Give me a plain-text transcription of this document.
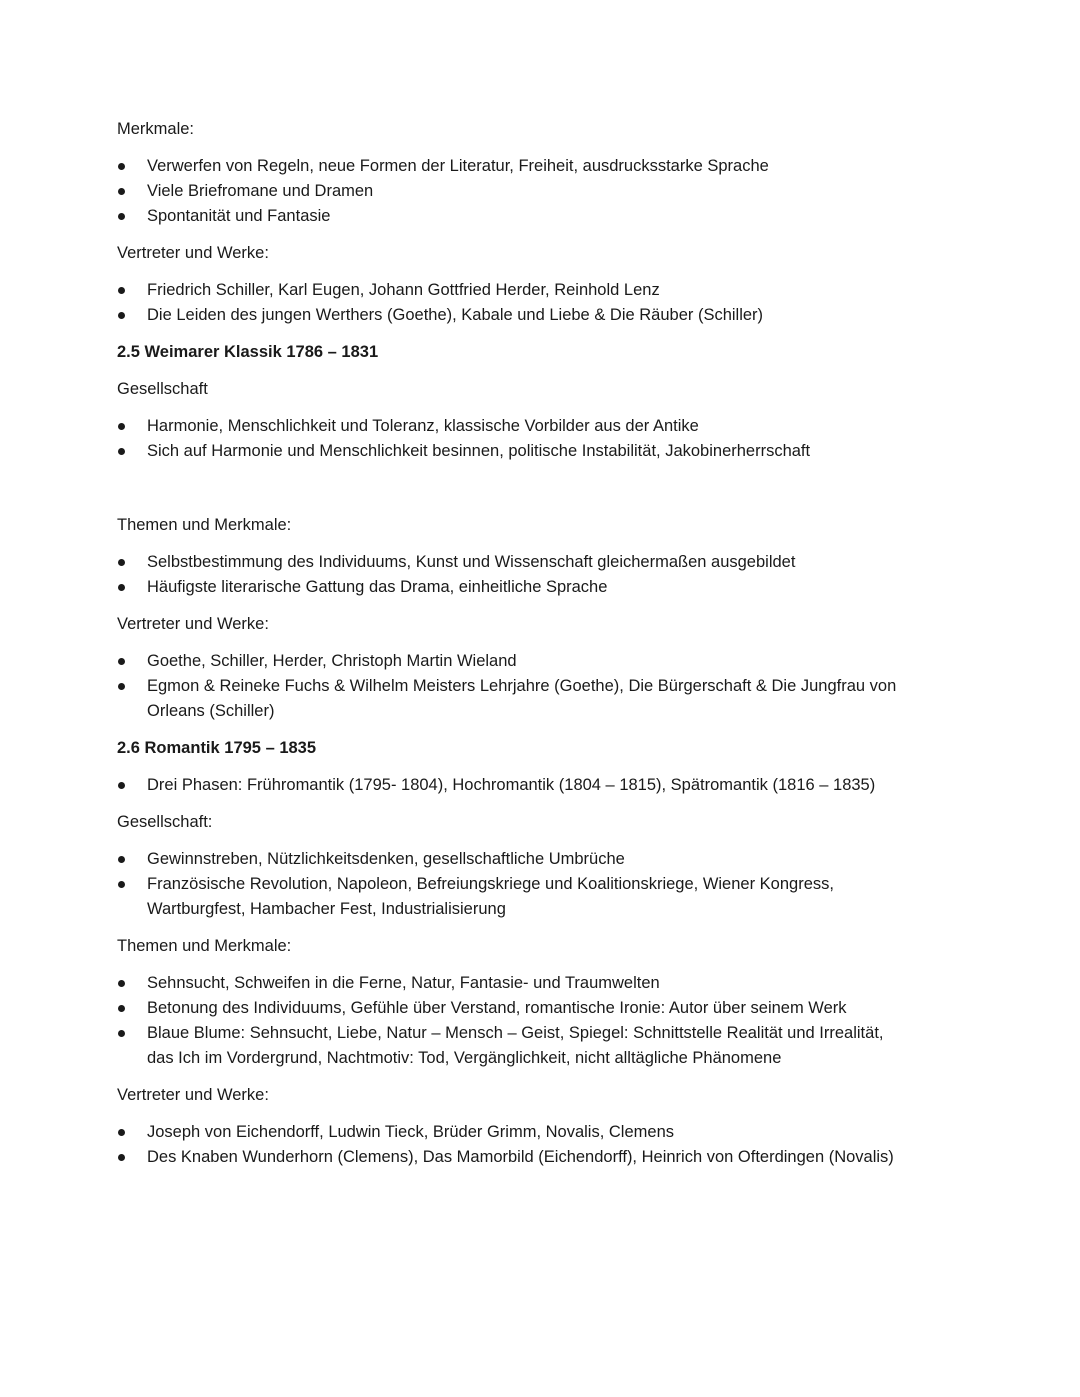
Merkmale:

Verwerfen von Regeln, neue Formen der Literatur, Freiheit, ausdrucksstarke Sprache
Viele Briefromane und Dramen
Spontanität und Fantasie

Vertreter und Werke:

Friedrich Schiller, Karl Eugen, Johann Gottfried Herder, Reinhold Lenz
Die Leiden des jungen Werthers (Goethe), Kabale und Liebe & Die Räuber (Schiller)

2.5 Weimarer Klassik 1786 – 1831

Gesellschaft

Harmonie, Menschlichkeit und Toleranz, klassische Vorbilder aus der Antike
Sich auf Harmonie und Menschlichkeit besinnen, politische Instabilität, Jakobinerherrschaft

Themen und Merkmale:

Selbstbestimmung des Individuums, Kunst und Wissenschaft gleichermaßen ausgebildet
Häufigste literarische Gattung das Drama, einheitliche Sprache

Vertreter und Werke:

Goethe, Schiller, Herder, Christoph Martin Wieland
Egmon & Reineke Fuchs & Wilhelm Meisters Lehrjahre (Goethe), Die Bürgerschaft & Die Jungfrau von Orleans (Schiller)

2.6 Romantik 1795 – 1835

Drei Phasen: Frühromantik (1795- 1804), Hochromantik (1804 – 1815), Spätromantik (1816 – 1835)

Gesellschaft:

Gewinnstreben, Nützlichkeitsdenken, gesellschaftliche Umbrüche
Französische Revolution, Napoleon, Befreiungskriege und Koalitionskriege, Wiener Kongress, Wartburgfest, Hambacher Fest, Industrialisierung

Themen und Merkmale:

Sehnsucht, Schweifen in die Ferne, Natur, Fantasie- und Traumwelten
Betonung des Individuums, Gefühle über Verstand, romantische Ironie: Autor über seinem Werk
Blaue Blume: Sehnsucht, Liebe, Natur – Mensch – Geist, Spiegel: Schnittstelle Realität und Irrealität, das Ich im Vordergrund, Nachtmotiv: Tod, Vergänglichkeit, nicht alltägliche Phänomene

Vertreter und Werke:

Joseph von Eichendorff, Ludwin Tieck, Brüder Grimm, Novalis, Clemens
Des Knaben Wunderhorn (Clemens), Das Mamorbild (Eichendorff), Heinrich von Ofterdingen (Novalis)
